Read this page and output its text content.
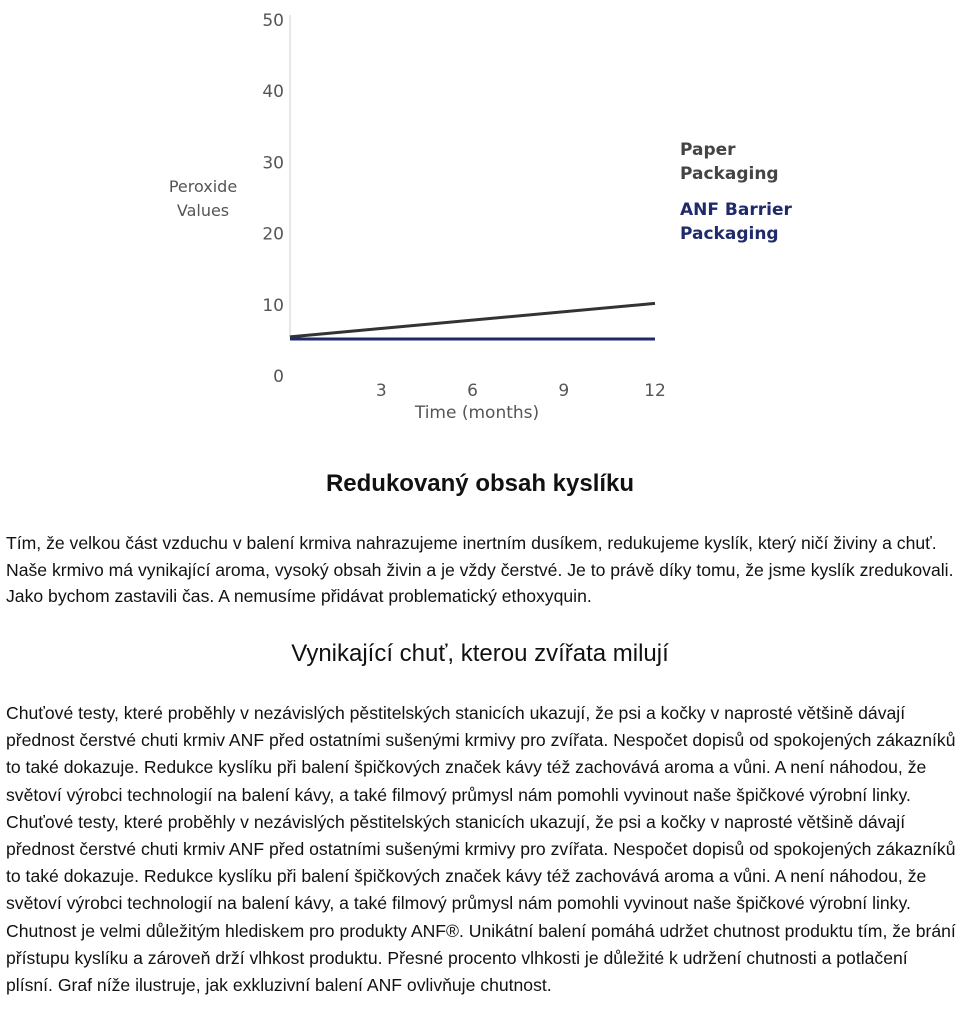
50
40
30
20
10
0
3	6	9	12
Peroxide
Values
Time (months)
Paper
Packaging
ANF Barrier
Packaging
Redukovaný obsah kyslíku

Tím, že velkou část vzduchu v balení krmiva nahrazujeme inertním dusíkem, redukujeme kyslík, který ničí živiny a chuť. Naše krmivo má vynikající aroma, vysoký obsah živin a je vždy čerstvé. Je to právě díky tomu, že jsme kyslík zredukovali. Jako bychom zastavili čas. A nemusíme přidávat problematický ethoxyquin.

Vynikající chuť, kterou zvířata milují

Chuťové testy, které proběhly v nezávislých pěstitelských stanicích ukazují, že psi a kočky v naprosté většině dávají přednost čerstvé chuti krmiv ANF před ostatními sušenými krmivy pro zvířata. Nespočet dopisů od spokojených zákazníků to také dokazuje. Redukce kyslíku při balení špičkových značek kávy též zachovává aroma a vůni. A není náhodou, že světoví výrobci technologií na balení kávy, a také filmový průmysl nám pomohli vyvinout naše špičkové výrobní linky. Chuťové testy, které proběhly v nezávislých pěstitelských stanicích ukazují, že psi a kočky v naprosté většině dávají přednost čerstvé chuti krmiv ANF před ostatními sušenými krmivy pro zvířata. Nespočet dopisů od spokojených zákazníků to také dokazuje. Redukce kyslíku při balení špičkových značek kávy též zachovává aroma a vůni. A není náhodou, že světoví výrobci technologií na balení kávy, a také filmový průmysl nám pomohli vyvinout naše špičkové výrobní linky. Chutnost je velmi důležitým hlediskem pro produkty ANF®. Unikátní balení pomáhá udržet chutnost produktu tím, že brání přístupu kyslíku a zároveň drží vlhkost produktu. Přesné procento vlhkosti je důležité k udržení chutnosti a potlačení plísní. Graf níže ilustruje, jak exkluzivní balení ANF ovlivňuje chutnost.
